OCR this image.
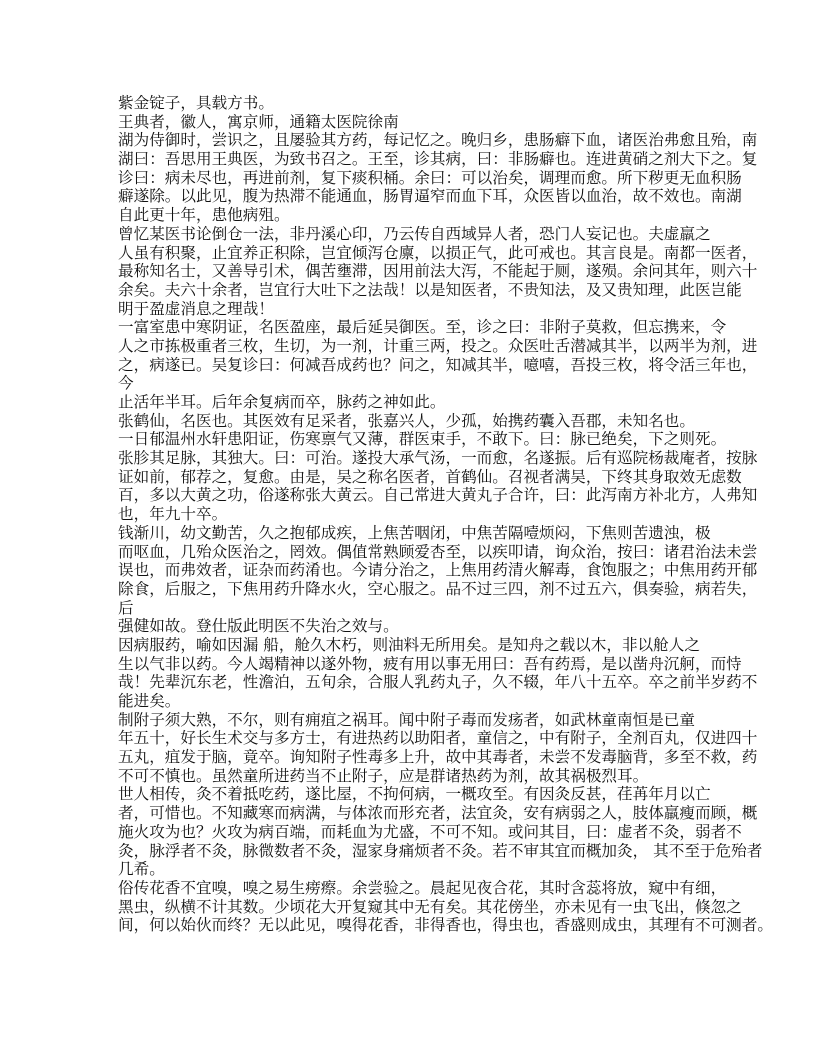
紫金锭子，具载方书。
王典者，徽人，寓京师，通籍太医院徐南
湖为侍御时，尝识之，且屡验其方药，每记忆之。晚归乡，患肠癖下血，诸医治弗愈且殆，南
湖曰：吾思用王典医，为致书召之。王至，诊其病，曰：非肠癖也。连进黄硝之剂大下之。复
诊曰：病未尽也，再进前剂，复下痰积桶。余曰：可以治矣，调理而愈。所下秽更无血积肠
癖遂除。以此见，腹为热滞不能通血，肠胃逼窄而血下耳，众医皆以血治，故不效也。南湖
自此更十年，患他病殂。
曾忆某医书论倒仓一法，非丹溪心印，乃云传自西域异人者，恐门人妄记也。夫虚羸之
人虽有积聚，止宜养正积除，岂宜倾泻仓廪，以损正气，此可戒也。其言良是。南都一医者，
最称知名士，又善导引术，偶苦壅滞，因用前法大泻，不能起于厕，遂殒。余问其年，则六十
余矣。夫六十余者，岂宜行大吐下之法哉！以是知医者，不贵知法，及又贵知理，此医岂能
明于盈虚消息之理哉！
一富室患中寒阴证，名医盈座，最后延吴御医。至，诊之曰：非附子莫救，但忘携来，令
人之市拣极重者三枚，生切，为一剂，计重三两，投之。众医吐舌潜减其半，以两半为剂，进
之，病遂已。吴复诊曰：何减吾成药也？问之，知减其半，噫嘻，吾投三枚，将令活三年也，
今
止活年半耳。后年余复病而卒，脉药之神如此。
张鹤仙，名医也。其医效有足采者，张嘉兴人，少孤，始携药囊入吾郡，未知名也。
一日郁温州水轩患阳证，伤寒禀气又薄，群医束手，不敢下。曰：脉已绝矣，下之则死。
张胗其足脉，其独大。曰：可治。遂投大承气汤，一而愈，名遂振。后有巡院杨裁庵者，按脉
证如前，郁荐之，复愈。由是，吴之称名医者，首鹤仙。召视者满吴，下终其身取效无虑数
百，多以大黄之功，俗遂称张大黄云。自己常进大黄丸子合许，曰：此泻南方补北方，人弗知
也，年九十卒。
钱渐川，幼文勤苦，久之抱郁成疾，上焦苦咽闭，中焦苦隔噎烦闷，下焦则苦遗浊，极
而呕血，几殆众医治之，罔效。偶值常熟顾爱杏至，以疾叩请，询众治，按曰：诸君治法未尝
误也，而弗效者，证杂而药淆也。今请分治之，上焦用药清火解毒，食饱服之；中焦用药开郁
除食，后服之，下焦用药升降水火，空心服之。品不过三四，剂不过五六，俱奏验，病若失，
后
强健如故。登仕版此明医不失治之效与。
因病服药，喻如因漏 船，舱久木朽，则油料无所用矣。是知舟之载以木，非以舱人之
生以气非以药。今人竭精神以遂外物，疲有用以事无用曰：吾有药焉，是以凿舟沉舸，而恃
哉！先辈沉东老，性澹泊，五旬余，合服人乳药丸子，久不辍，年八十五卒。卒之前半岁药不
能进矣。
制附子须大熟，不尔，则有痈疽之祸耳。闻中附子毒而发疡者，如武林童南恒是已童
年五十，好长生术交与多方士，有进热药以助阳者，童信之，中有附子，全剂百丸，仅进四十
五丸，疽发于脑，竟卒。询知附子性毒多上升，故中其毒者，未尝不发毒脑背，多至不救，药
不可不慎也。虽然童所进药当不止附子，应是群诸热药为剂，故其祸极烈耳。
世人相传，灸不着抵吃药，遂比屋，不拘何病，一概攻至。有因灸反甚，荏苒年月以亡
者，可惜也。不知藏寒而病满，与体浓而形充者，法宜灸，安有病弱之人，肢体羸瘦而顾，概
施火攻为也？火攻为病百端，而耗血为尤盛，不可不知。或问其目，曰：虚者不灸，弱者不
灸，脉浮者不灸，脉微数者不灸，湿家身痛烦者不灸。若不审其宜而概加灸， 其不至于危殆者
几希。
俗传花香不宜嗅，嗅之易生痨瘵。余尝验之。晨起见夜合花，其时含蕊将放，窥中有细，
黑虫，纵横不计其数。少顷花大开复窥其中无有矣。其花傍坐，亦未见有一虫飞出，倏忽之
间，何以始伙而终？无以此见，嗅得花香，非得香也，得虫也，香盛则成虫，其理有不可测者。
